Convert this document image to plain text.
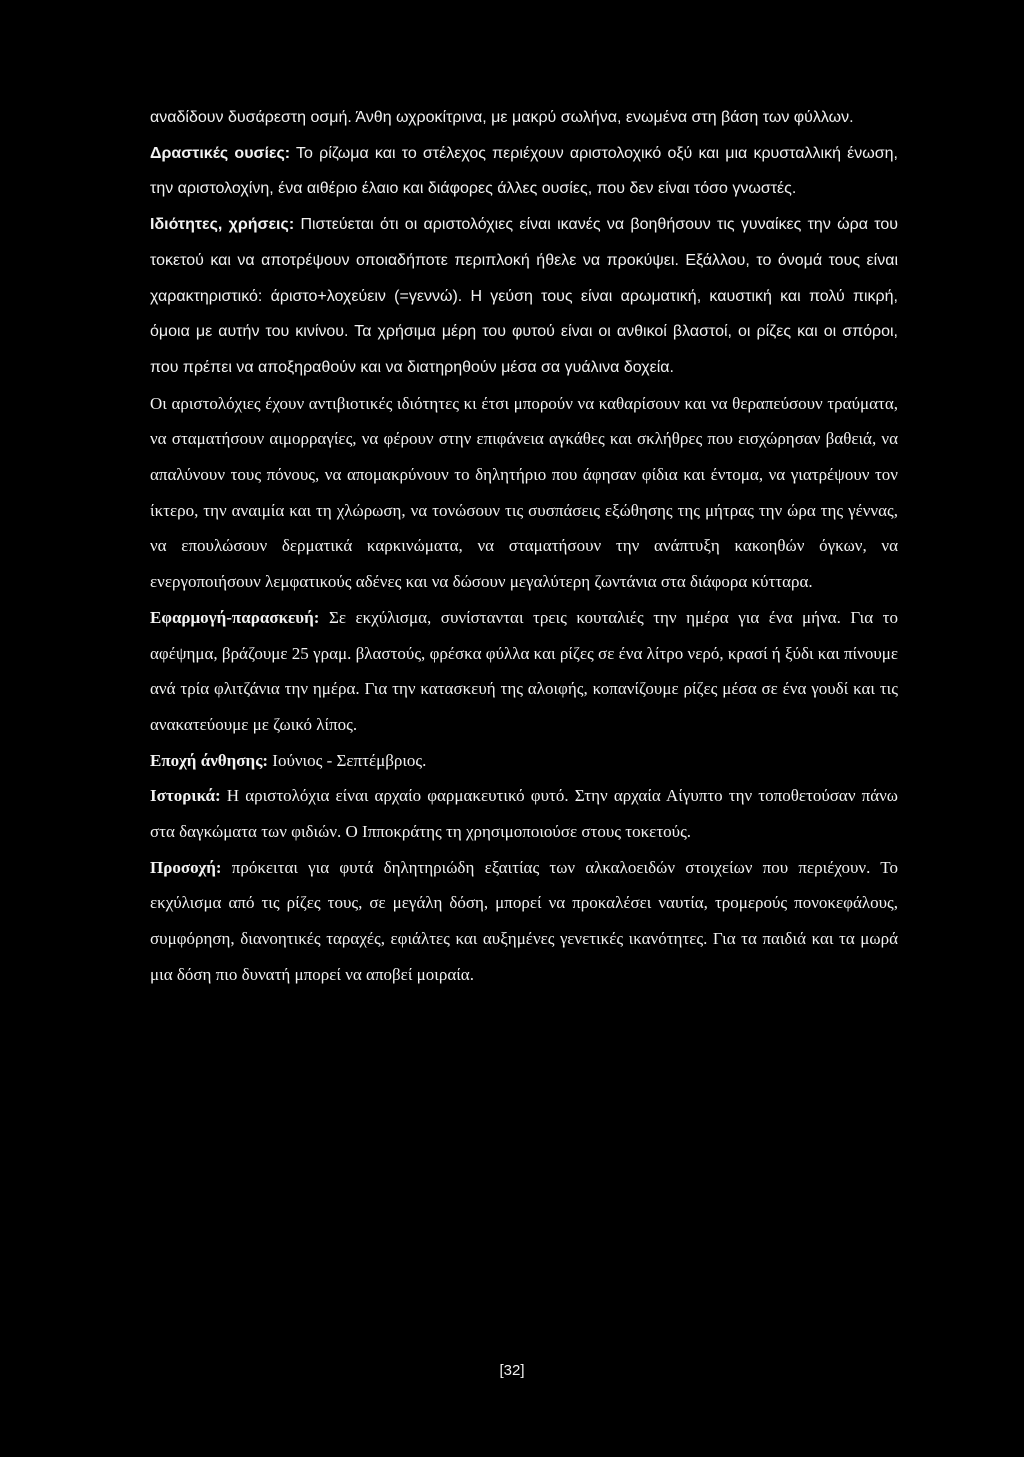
αναδίδουν δυσάρεστη οσμή. Άνθη ωχροκίτρινα, με μακρύ σωλήνα, ενωμένα στη βάση των φύλλων.

Δραστικές ουσίες: Το ρίζωμα και το στέλεχος περιέχουν αριστολοχικό οξύ και μια κρυσταλλική ένωση, την αριστολοχίνη, ένα αιθέριο έλαιο και διάφορες άλλες ουσίες, που δεν είναι τόσο γνωστές.

Ιδιότητες, χρήσεις: Πιστεύεται ότι οι αριστολόχιες είναι ικανές να βοηθήσουν τις γυναίκες την ώρα του τοκετού και να αποτρέψουν οποιαδήποτε περιπλοκή ήθελε να προκύψει. Εξάλλου, το όνομά τους είναι χαρακτηριστικό: άριστο+λοχεύειν (=γεννώ). Η γεύση τους είναι αρωματική, καυστική και πολύ πικρή, όμοια με αυτήν του κινίνου. Τα χρήσιμα μέρη του φυτού είναι οι ανθικοί βλαστοί, οι ρίζες και οι σπόροι, που πρέπει να αποξηραθούν και να διατηρηθούν μέσα σα γυάλινα δοχεία.

Οι αριστολόχιες έχουν αντιβιοτικές ιδιότητες κι έτσι μπορούν να καθαρίσουν και να θεραπεύσουν τραύματα, να σταματήσουν αιμορραγίες, να φέρουν στην επιφάνεια αγκάθες και σκλήθρες που εισχώρησαν βαθειά, να απαλύνουν τους πόνους, να απομακρύνουν το δηλητήριο που άφησαν φίδια και έντομα, να γιατρέψουν τον ίκτερο, την αναιμία και τη χλώρωση, να τονώσουν τις συσπάσεις εξώθησης της μήτρας την ώρα της γέννας, να επουλώσουν δερματικά καρκινώματα, να σταματήσουν την ανάπτυξη κακοηθών όγκων, να ενεργοποιήσουν λεμφατικούς αδένες και να δώσουν μεγαλύτερη ζωντάνια στα διάφορα κύτταρα.

Εφαρμογή-παρασκευή: Σε εκχύλισμα, συνίστανται τρεις κουταλιές την ημέρα για ένα μήνα. Για το αφέψημα, βράζουμε 25 γραμ. βλαστούς, φρέσκα φύλλα και ρίζες σε ένα λίτρο νερό, κρασί ή ξύδι και πίνουμε ανά τρία φλιτζάνια την ημέρα. Για την κατασκευή της αλοιφής, κοπανίζουμε ρίζες μέσα σε ένα γουδί και τις ανακατεύουμε με ζωικό λίπος.

Εποχή άνθησης: Ιούνιος - Σεπτέμβριος.

Ιστορικά: Η αριστολόχια είναι αρχαίο φαρμακευτικό φυτό. Στην αρχαία Αίγυπτο την τοποθετούσαν πάνω στα δαγκώματα των φιδιών. Ο Ιπποκράτης τη χρησιμοποιούσε στους τοκετούς.

Προσοχή: πρόκειται για φυτά δηλητηριώδη εξαιτίας των αλκαλοειδών στοιχείων που περιέχουν. Το εκχύλισμα από τις ρίζες τους, σε μεγάλη δόση, μπορεί να προκαλέσει ναυτία, τρομερούς πονοκεφάλους, συμφόρηση, διανοητικές ταραχές, εφιάλτες και αυξημένες γενετικές ικανότητες. Για τα παιδιά και τα μωρά μια δόση πιο δυνατή μπορεί να αποβεί μοιραία.

[32]
